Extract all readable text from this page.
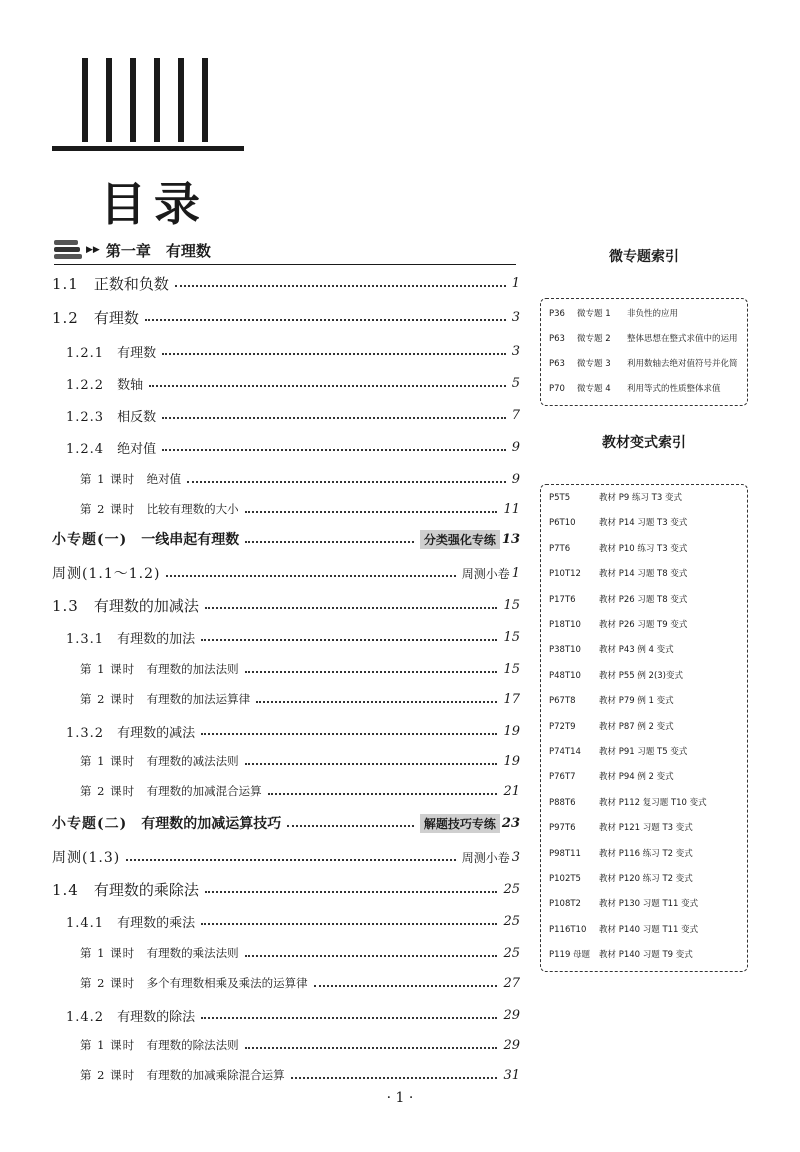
目录
▶▶ 第一章　有理数
1.1　 正数和负数	1
1.2　 有理数	3
1.2.1　 有理数	3
1.2.2　 数轴	5
1.2.3　 相反数	7
1.2.4　 绝对值	9
第 1 课时　 绝对值	9
第 2 课时　 比较有理数的大小	11
小专题(一)　 一线串起有理数	分类强化专练 13
周测(1.1～1.2)	周测小卷 1
1.3　 有理数的加减法	15
1.3.1　 有理数的加法	15
第 1 课时　 有理数的加法法则	15
第 2 课时　 有理数的加法运算律	17
1.3.2　 有理数的减法	19
第 1 课时　 有理数的减法法则	19
第 2 课时　 有理数的加减混合运算	21
小专题(二)　 有理数的加减运算技巧	解题技巧专练 23
周测(1.3)	周测小卷 3
1.4　 有理数的乘除法	25
1.4.1　 有理数的乘法	25
第 1 课时　 有理数的乘法法则	25
第 2 课时　 多个有理数相乘及乘法的运算律	27
1.4.2　 有理数的除法	29
第 1 课时　 有理数的除法法则	29
第 2 课时　 有理数的加减乘除混合运算	31
微专题索引
P36 微专题 1 非负性的应用
P63 微专题 2 整体思想在整式求值中的运用
P63 微专题 3 利用数轴去绝对值符号并化简
P70 微专题 4 利用等式的性质整体求值
教材变式索引
P5T5	教材 P9 练习 T3 变式
P6T10	教材 P14 习题 T3 变式
P7T6	教材 P10 练习 T3 变式
P10T12 教材 P14 习题 T8 变式
P17T6	教材 P26 习题 T8 变式
P18T10 教材 P26 习题 T9 变式
P38T10 教材 P43 例 4 变式
P48T10 教材 P55 例 2(3)变式
P67T8	教材 P79 例 1 变式
P72T9	教材 P87 例 2 变式
P74T14 教材 P91 习题 T5 变式
P76T7	教材 P94 例 2 变式
P88T6	教材 P112 复习题 T10 变式
P97T6	教材 P121 习题 T3 变式
P98T11 教材 P116 练习 T2 变式
P102T5 教材 P120 练习 T2 变式
P108T2 教材 P130 习题 T11 变式
P116T10 教材 P140 习题 T11 变式
P119 母题 教材 P140 习题 T9 变式
· 1 ·
